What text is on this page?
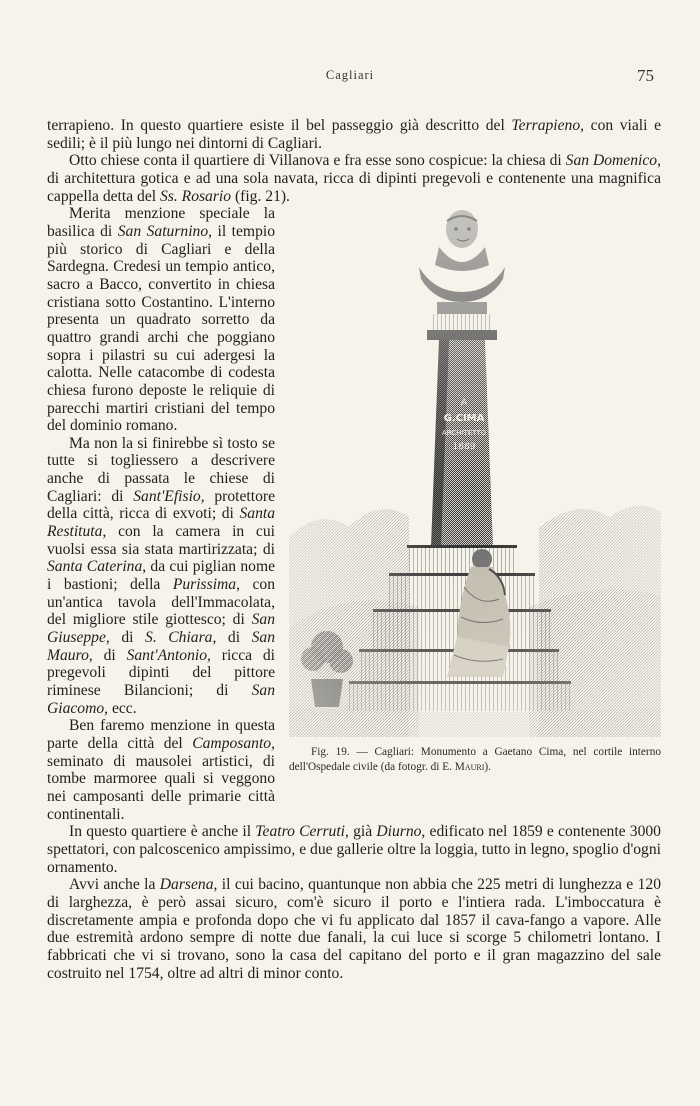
Cagliari	75

terrapieno. In questo quartiere esiste il bel passeggio già descritto del Terrapieno, con viali e sedili; è il più lungo nei dintorni di Cagliari.

Otto chiese conta il quartiere di Villanova e fra esse sono cospicue: la chiesa di San Domenico, di architettura gotica e ad una sola navata, ricca di dipinti pregevoli e contenente una magnifica cappella detta del Ss. Rosario (fig. 21).

Fig. 19. — Cagliari: Monumento a Gaetano Cima, nel cortile interno dell'Ospedale civile (da fotogr. di E. Mauri).
Merita menzione speciale la basilica di San Saturnino, il tempio più storico di Cagliari e della Sardegna. Credesi un tempio antico, sacro a Bacco, convertito in chiesa cristiana sotto Costantino. L'interno presenta un quadrato sorretto da quattro grandi archi che poggiano sopra i pilastri su cui adergesi la calotta. Nelle catacombe di codesta chiesa furono deposte le reliquie di parecchi martiri cristiani del tempo del dominio romano.

Ma non la si finirebbe sì tosto se tutte si togliessero a descrivere anche di passata le chiese di Cagliari: di Sant'Efisio, protettore della città, ricca di exvoti; di Santa Restituta, con la camera in cui vuolsi essa sia stata martirizzata; di Santa Caterina, da cui piglian nome i bastioni; della Purissima, con un'antica tavola dell'Immacolata, del migliore stile giottesco; di San Giuseppe, di S. Chiara, di San Mauro, di Sant'Antonio, ricca di pregevoli dipinti del pittore riminese Bilancioni; di San Giacomo, ecc.

Ben faremo menzione in questa parte della città del Camposanto, seminato di mausolei artistici, di tombe marmoree quali si veggono nei camposanti delle primarie città continentali.

In questo quartiere è anche il Teatro Cerruti, già Diurno, edificato nel 1859 e contenente 3000 spettatori, con palcoscenico ampissimo, e due gallerie oltre la loggia, tutto in legno, spoglio d'ogni ornamento.

Avvi anche la Darsena, il cui bacino, quantunque non abbia che 225 metri di lunghezza e 120 di larghezza, è però assai sicuro, com'è sicuro il porto e l'intiera rada. L'imboccatura è discretamente ampia e profonda dopo che vi fu applicato dal 1857 il cava-fango a vapore. Alle due estremità ardono sempre di notte due fanali, la cui luce si scorge 5 chilometri lontano. I fabbricati che vi si trovano, sono la casa del capitano del porto e il gran magazzino del sale costruito nel 1754, oltre ad altri di minor conto.
